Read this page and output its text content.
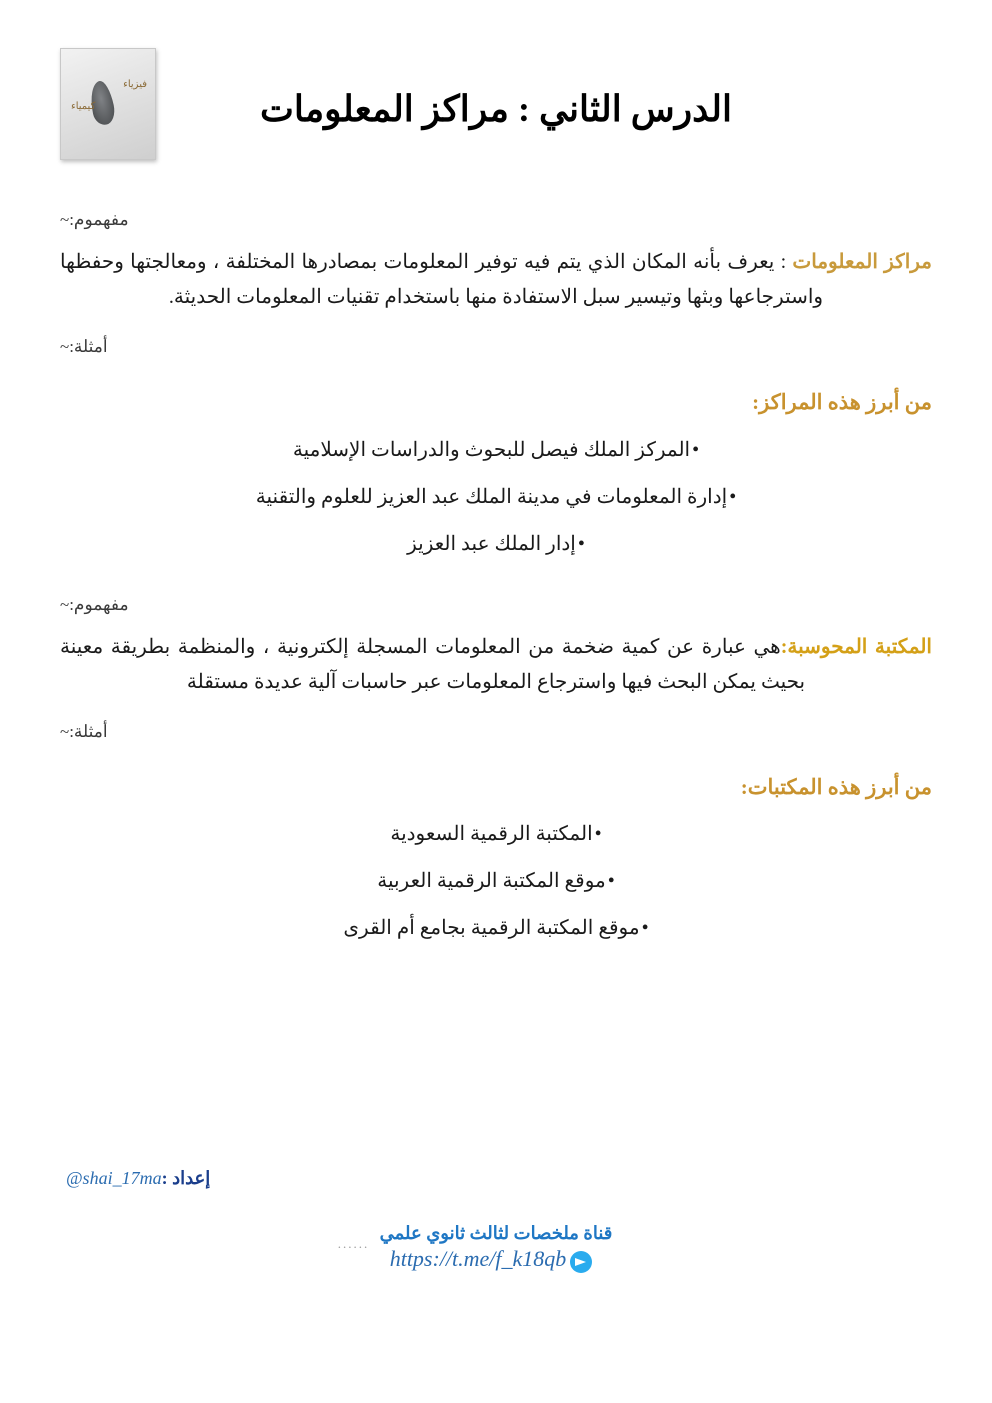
فيزياء
كيمياء	الدرس الثاني : مراكز المعلومات
مفهموم:~

مراكز المعلومات : يعرف بأنه المكان الذي يتم فيه توفير المعلومات بمصادرها المختلفة ، ومعالجتها وحفظها واسترجاعها وبثها وتيسير سبل الاستفادة منها باستخدام تقنيات المعلومات الحديثة.

أمثلة:~
من أبرز هذه المراكز:
• المركز الملك فيصل للبحوث والدراسات الإسلامية
• إدارة المعلومات في مدينة الملك عبد العزيز للعلوم والتقنية
• إدار الملك عبد العزيز
مفهموم:~

المكتبة المحوسبة:هي عبارة عن كمية ضخمة من المعلومات المسجلة إلكترونية ، والمنظمة بطريقة معينة بحيث يمكن البحث فيها واسترجاع المعلومات عبر حاسبات آلية عديدة مستقلة

أمثلة:~
من أبرز هذه المكتبات:
• المكتبة الرقمية السعودية
• موقع المكتبة الرقمية العربية
• موقع المكتبة الرقمية بجامع أم القرى
@shai_17maإعداد :
قناة ملخصات لثالث ثانوي علمي
......
https://t.me/f_k18qb
